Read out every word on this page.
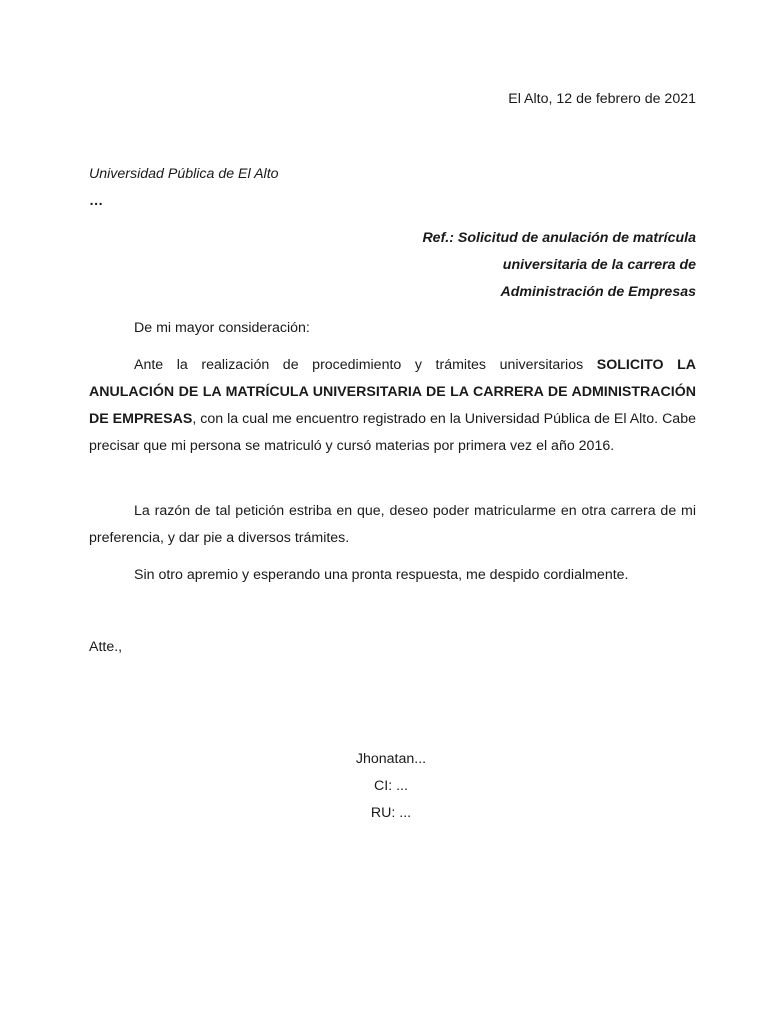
El Alto, 12 de febrero de 2021
Universidad Pública de El Alto
…
Ref.: Solicitud de anulación de matrícula
universitaria de la carrera de
Administración de Empresas
De mi mayor consideración:
Ante la realización de procedimiento y trámites universitarios SOLICITO LA ANULACIÓN DE LA MATRÍCULA UNIVERSITARIA DE LA CARRERA DE ADMINISTRACIÓN DE EMPRESAS, con la cual me encuentro registrado en la Universidad Pública de El Alto. Cabe precisar que mi persona se matriculó y cursó materias por primera vez el año 2016.
La razón de tal petición estriba en que, deseo poder matricularme en otra carrera de mi preferencia, y dar pie a diversos trámites.
Sin otro apremio y esperando una pronta respuesta, me despido cordialmente.
Atte.,
Jhonatan...
CI: ...
RU: ...
